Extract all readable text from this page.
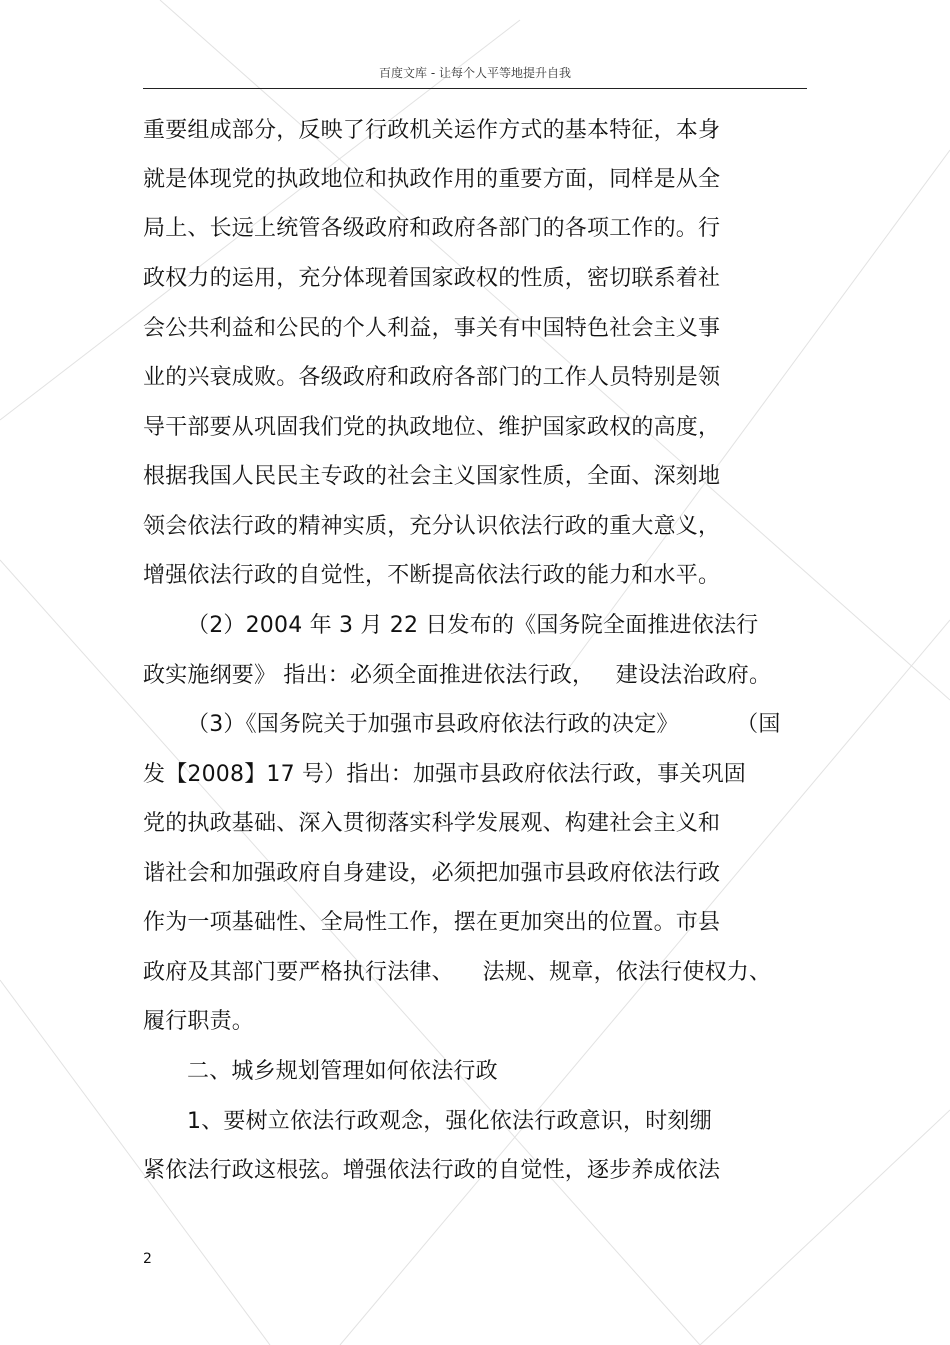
百度文库 - 让每个人平等地提升自我
重要组成部分，反映了行政机关运作方式的基本特征，本身
就是体现党的执政地位和执政作用的重要方面，同样是从全
局上、长远上统管各级政府和政府各部门的各项工作的。行
政权力的运用，充分体现着国家政权的性质，密切联系着社
会公共利益和公民的个人利益，事关有中国特色社会主义事
业的兴衰成败。各级政府和政府各部门的工作人员特别是领
导干部要从巩固我们党的执政地位、维护国家政权的高度，
根据我国人民民主专政的社会主义国家性质，全面、深刻地
领会依法行政的精神实质，充分认识依法行政的重大意义，
增强依法行政的自觉性，不断提高依法行政的能力和水平。
（2）2004 年 3 月 22 日发布的《国务院全面推进依法行
政实施纲要》 指出：必须全面推进依法行政，   建设法治政府。
（3）《国务院关于加强市县政府依法行政的决定》        （国
发【2008】17 号）指出：加强市县政府依法行政，事关巩固
党的执政基础、深入贯彻落实科学发展观、构建社会主义和
谐社会和加强政府自身建设，必须把加强市县政府依法行政
作为一项基础性、全局性工作，摆在更加突出的位置。市县
政府及其部门要严格执行法律、    法规、规章，依法行使权力、
履行职责。
二、城乡规划管理如何依法行政
1、要树立依法行政观念，强化依法行政意识，时刻绷
紧依法行政这根弦。增强依法行政的自觉性，逐步养成依法
2
